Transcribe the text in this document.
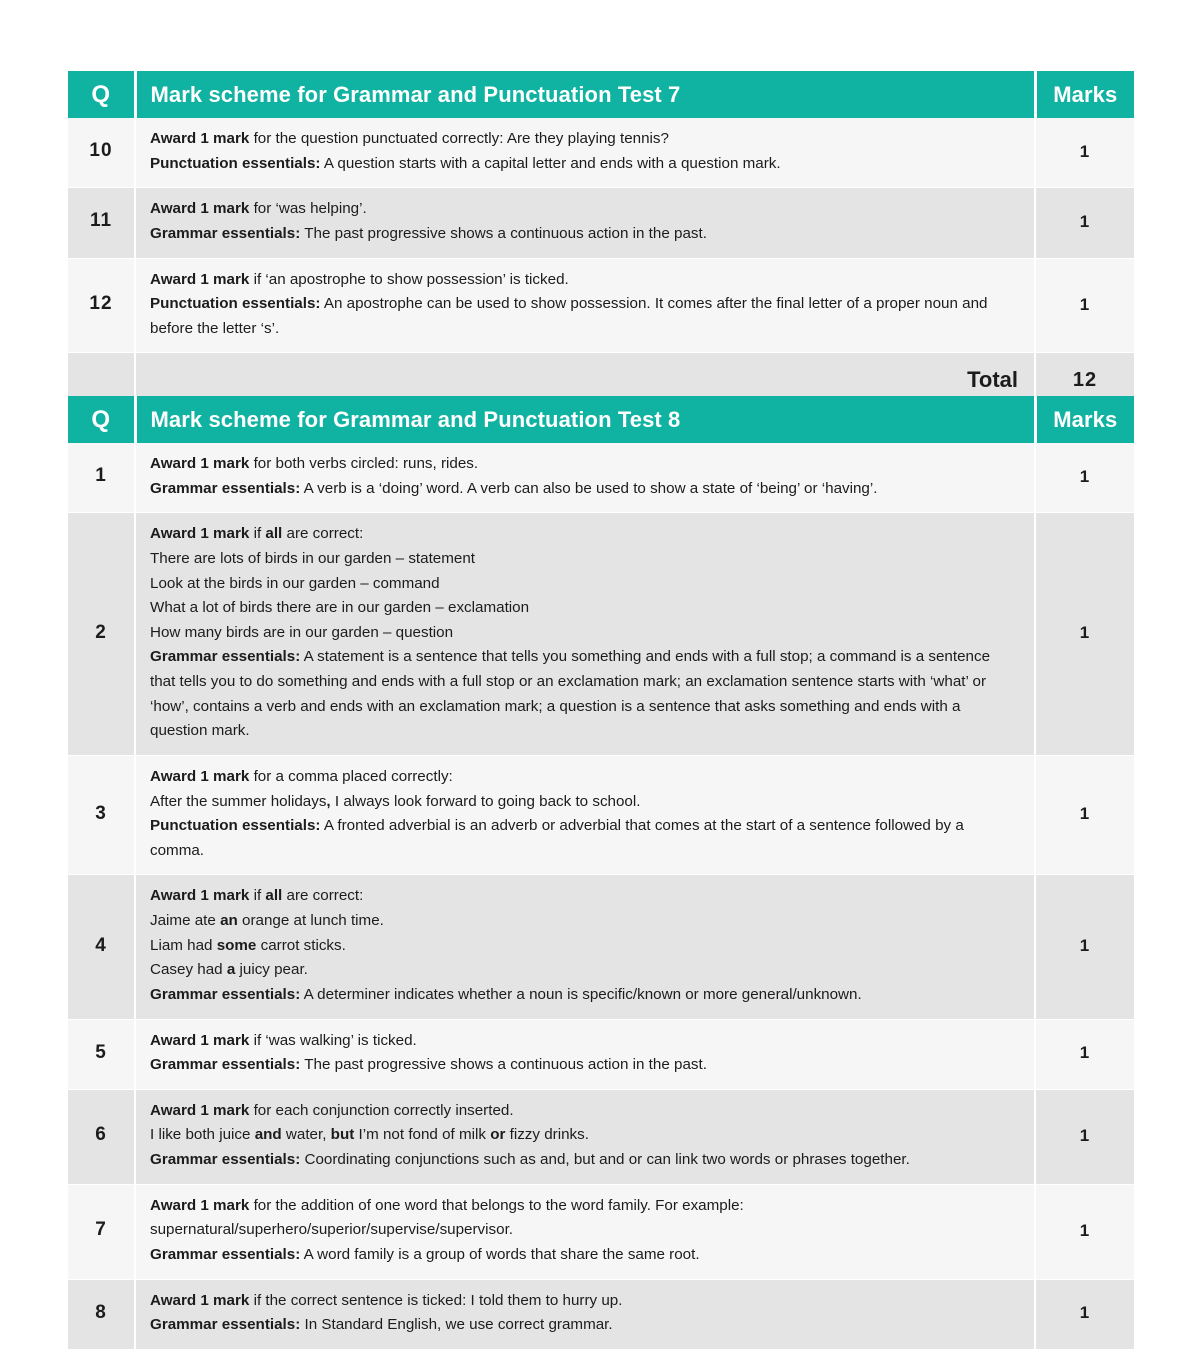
Q	Mark scheme for Grammar and Punctuation Test 7	Marks
10	Award 1 mark for the question punctuated correctly: Are they playing tennis?
Punctuation essentials: A question starts with a capital letter and ends with a question mark.	1
11	Award 1 mark for ‘was helping’.
Grammar essentials: The past progressive shows a continuous action in the past.	1
12	Award 1 mark if ‘an apostrophe to show possession’ is ticked.
Punctuation essentials: An apostrophe can be used to show possession. It comes after the final letter of a proper noun and before the letter ‘s’.	1
	Total	12
Q	Mark scheme for Grammar and Punctuation Test 8	Marks
1	Award 1 mark for both verbs circled: runs, rides.
Grammar essentials: A verb is a ‘doing’ word. A verb can also be used to show a state of ‘being’ or ‘having’.	1
2	
Award 1 mark if all are correct:
There are lots of birds in our garden – statement
Look at the birds in our garden – command
What a lot of birds there are in our garden – exclamation
How many birds are in our garden – question
Grammar essentials: A statement is a sentence that tells you something and ends with a full stop; a command is a sentence that tells you to do something and ends with a full stop or an exclamation mark; an exclamation sentence starts with ‘what’ or ‘how’, contains a verb and ends with an exclamation mark; a question is a sentence that asks something and ends with a question mark.
	1
3	Award 1 mark for a comma placed correctly:
After the summer holidays, I always look forward to going back to school.
Punctuation essentials: A fronted adverbial is an adverb or adverbial that comes at the start of a sentence followed by a comma.	1
4	Award 1 mark if all are correct:
Jaime ate an orange at lunch time.
Liam had some carrot sticks.
Casey had a juicy pear.
Grammar essentials: A determiner indicates whether a noun is specific/known or more general/unknown.	1
5	Award 1 mark if ‘was walking’ is ticked.
Grammar essentials: The past progressive shows a continuous action in the past.	1
6	Award 1 mark for each conjunction correctly inserted.
I like both juice and water, but I’m not fond of milk or fizzy drinks.
Grammar essentials: Coordinating conjunctions such as and, but and or can link two words or phrases together.	1
7	Award 1 mark for the addition of one word that belongs to the word family. For example: supernatural/superhero/superior/supervise/supervisor.
Grammar essentials: A word family is a group of words that share the same root.	1
8	Award 1 mark if the correct sentence is ticked: I told them to hurry up.
Grammar essentials: In Standard English, we use correct grammar.	1
